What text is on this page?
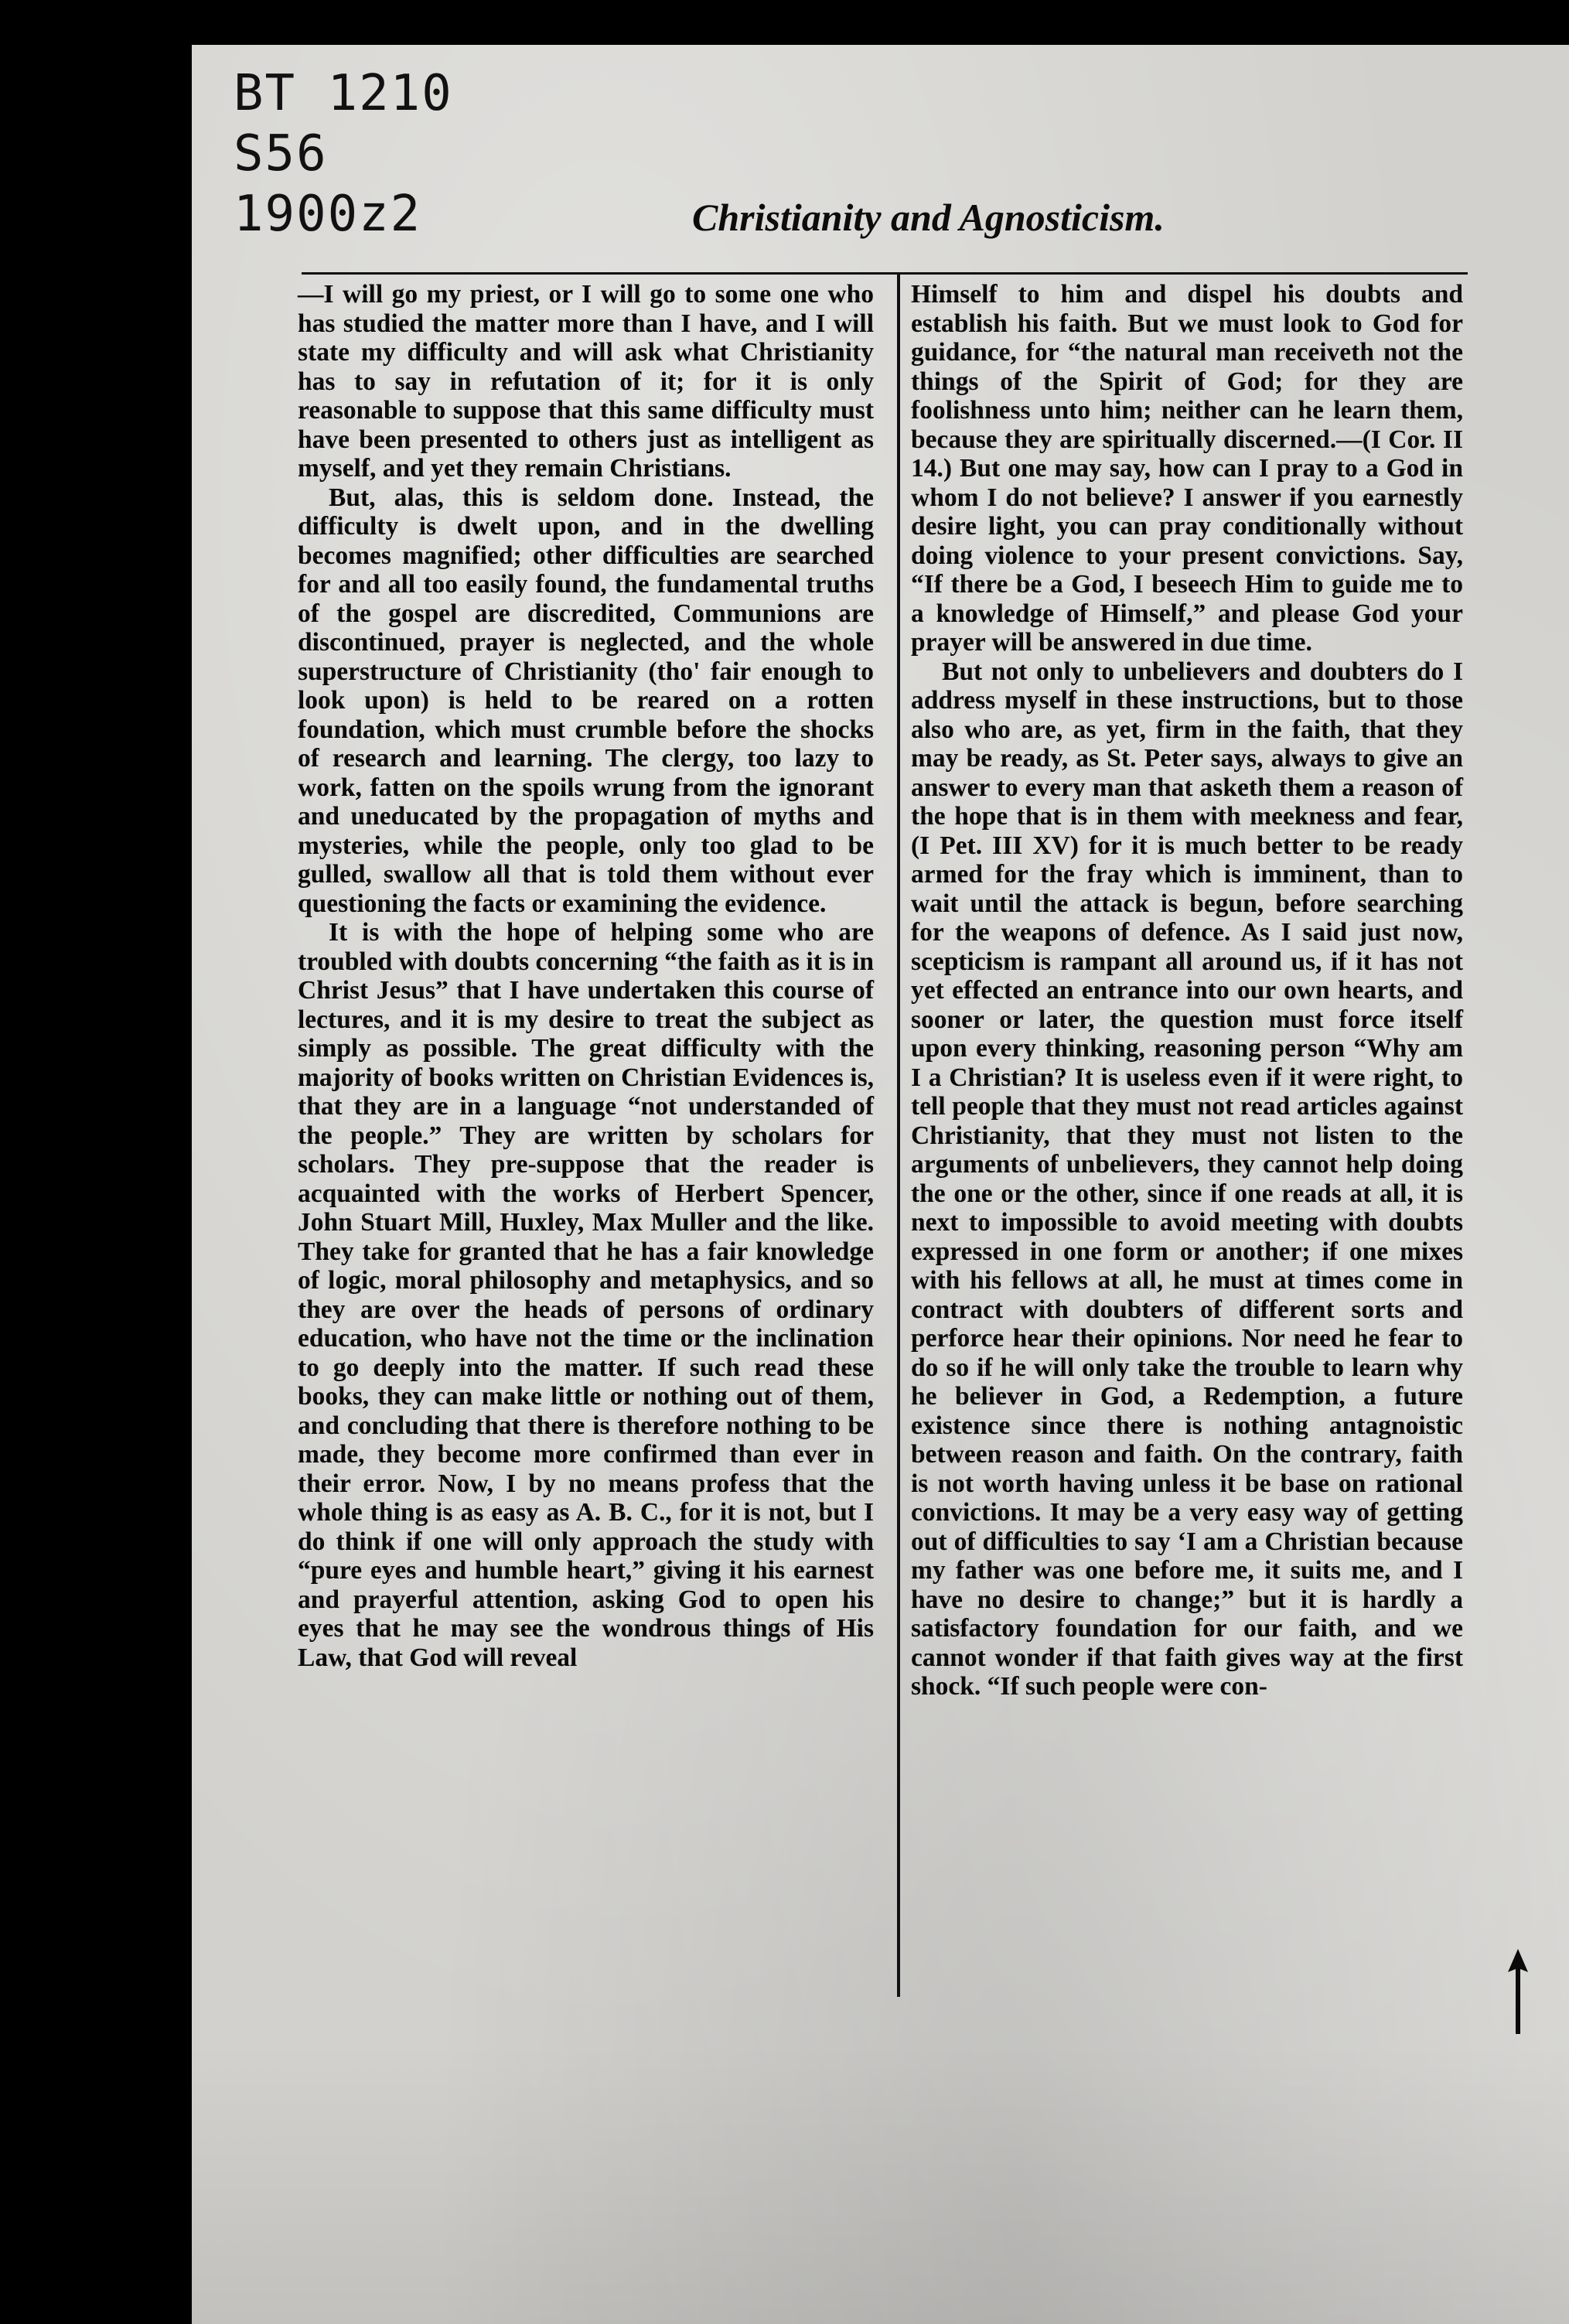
BT 1210
S56
1900z2	Christianity and Agnosticism.

—I will go my priest, or I will go to some one who has studied the matter more than I have, and I will state my difficulty and will ask what Christianity has to say in refutation of it; for it is only reasonable to suppose that this same difficulty must have been presented to others just as intelligent as myself, and yet they remain Christians.

But, alas, this is seldom done. Instead, the difficulty is dwelt upon, and in the dwelling becomes magnified; other difficulties are searched for and all too easily found, the fundamental truths of the gospel are discredited, Communions are discontinued, prayer is neglected, and the whole superstructure of Christianity (tho' fair enough to look upon) is held to be reared on a rotten foundation, which must crumble before the shocks of research and learning. The clergy, too lazy to work, fatten on the spoils wrung from the ignorant and uneducated by the propagation of myths and mysteries, while the people, only too glad to be gulled, swallow all that is told them without ever questioning the facts or examining the evidence.

It is with the hope of helping some who are troubled with doubts concerning “the faith as it is in Christ Jesus” that I have undertaken this course of lectures, and it is my desire to treat the subject as simply as possible. The great difficulty with the majority of books written on Christian Evidences is, that they are in a language “not understanded of the people.” They are written by scholars for scholars. They pre-suppose that the reader is acquainted with the works of Herbert Spencer, John Stuart Mill, Huxley, Max Muller and the like. They take for granted that he has a fair knowledge of logic, moral philosophy and metaphysics, and so they are over the heads of persons of ordinary education, who have not the time or the inclination to go deeply into the matter. If such read these books, they can make little or nothing out of them, and concluding that there is therefore nothing to be made, they become more confirmed than ever in their error. Now, I by no means profess that the whole thing is as easy as A. B. C., for it is not, but I do think if one will only approach the study with “pure eyes and humble heart,” giving it his earnest and prayerful attention, asking God to open his eyes that he may see the wondrous things of His Law, that God will reveal

Himself to him and dispel his doubts and establish his faith. But we must look to God for guidance, for “the natural man receiveth not the things of the Spirit of God; for they are foolishness unto him; neither can he learn them, because they are spiritually discerned.—(I Cor. II 14.) But one may say, how can I pray to a God in whom I do not believe? I answer if you earnestly desire light, you can pray conditionally without doing violence to your present convictions. Say, “If there be a God, I beseech Him to guide me to a knowledge of Himself,” and please God your prayer will be answered in due time.

But not only to unbelievers and doubters do I address myself in these instructions, but to those also who are, as yet, firm in the faith, that they may be ready, as St. Peter says, always to give an answer to every man that asketh them a reason of the hope that is in them with meekness and fear, (I Pet. III XV) for it is much better to be ready armed for the fray which is imminent, than to wait until the attack is begun, before searching for the weapons of defence. As I said just now, scepticism is rampant all around us, if it has not yet effected an entrance into our own hearts, and sooner or later, the question must force itself upon every thinking, reasoning person “Why am I a Christian? It is useless even if it were right, to tell people that they must not read articles against Christianity, that they must not listen to the arguments of unbelievers, they cannot help doing the one or the other, since if one reads at all, it is next to impossible to avoid meeting with doubts expressed in one form or another; if one mixes with his fellows at all, he must at times come in contract with doubters of different sorts and perforce hear their opinions. Nor need he fear to do so if he will only take the trouble to learn why he believer in God, a Redemption, a future existence since there is nothing antagnoistic between reason and faith. On the contrary, faith is not worth having unless it be base on rational convictions. It may be a very easy way of getting out of difficulties to say ‘I am a Christian because my father was one before me, it suits me, and I have no desire to change;” but it is hardly a satisfactory foundation for our faith, and we cannot wonder if that faith gives way at the first shock. “If such people were con-
